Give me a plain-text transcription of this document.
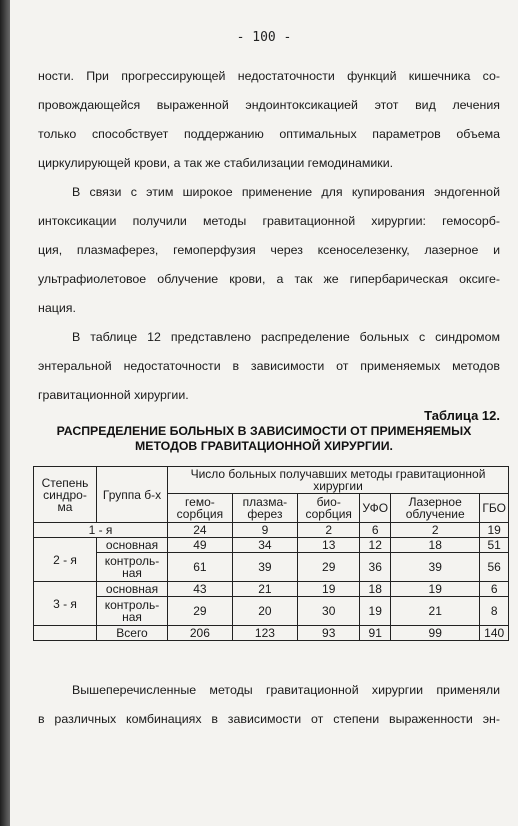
- 100 -

ности. При прогрессирующей недостаточности функций кишечника со-
провождающейся выраженной эндоинтоксикацией этот вид лечения
только способствует поддержанию оптимальных параметров объема
циркулирующей крови, а так же стабилизации гемодинамики.

В связи с этим широкое применение для купирования эндогенной
интоксикации получили методы гравитационной хирургии: гемосорб-
ция, плазмаферез, гемоперфузия через ксеноселезенку, лазерное и
ультрафиолетовое облучение крови, а так же гипербарическая оксиге-
нация.

В таблице 12 представлено распределение больных с синдромом
энтеральной недостаточности в зависимости от применяемых методов
гравитационной хирургии.

Таблица 12.
РАСПРЕДЕЛЕНИЕ БОЛЬНЫХ В ЗАВИСИМОСТИ ОТ ПРИМЕНЯЕМЫХ
МЕТОДОВ ГРАВИТАЦИОННОЙ ХИРУРГИИ.
Степень синдро-ма	Группа б-х	Число больных получавших методы гравитационной хирургии					
		гемо-сорбция	плазма-ферез	био-сорбция	УФО	Лазерное облучение	ГБО
1 - я		24	9	2	6	2	19
2 - я	основная	49	34	13	12	18	51
	контроль-ная	61	39	29	36	39	56
3 - я	основная	43	21	19	18	19	6
	контроль-ная	29	20	30	19	21	8
	Всего	206	123	93	91	99	140

Вышеперечисленные методы гравитационной хирургии применяли
в различных комбинациях в зависимости от степени выраженности эн-
